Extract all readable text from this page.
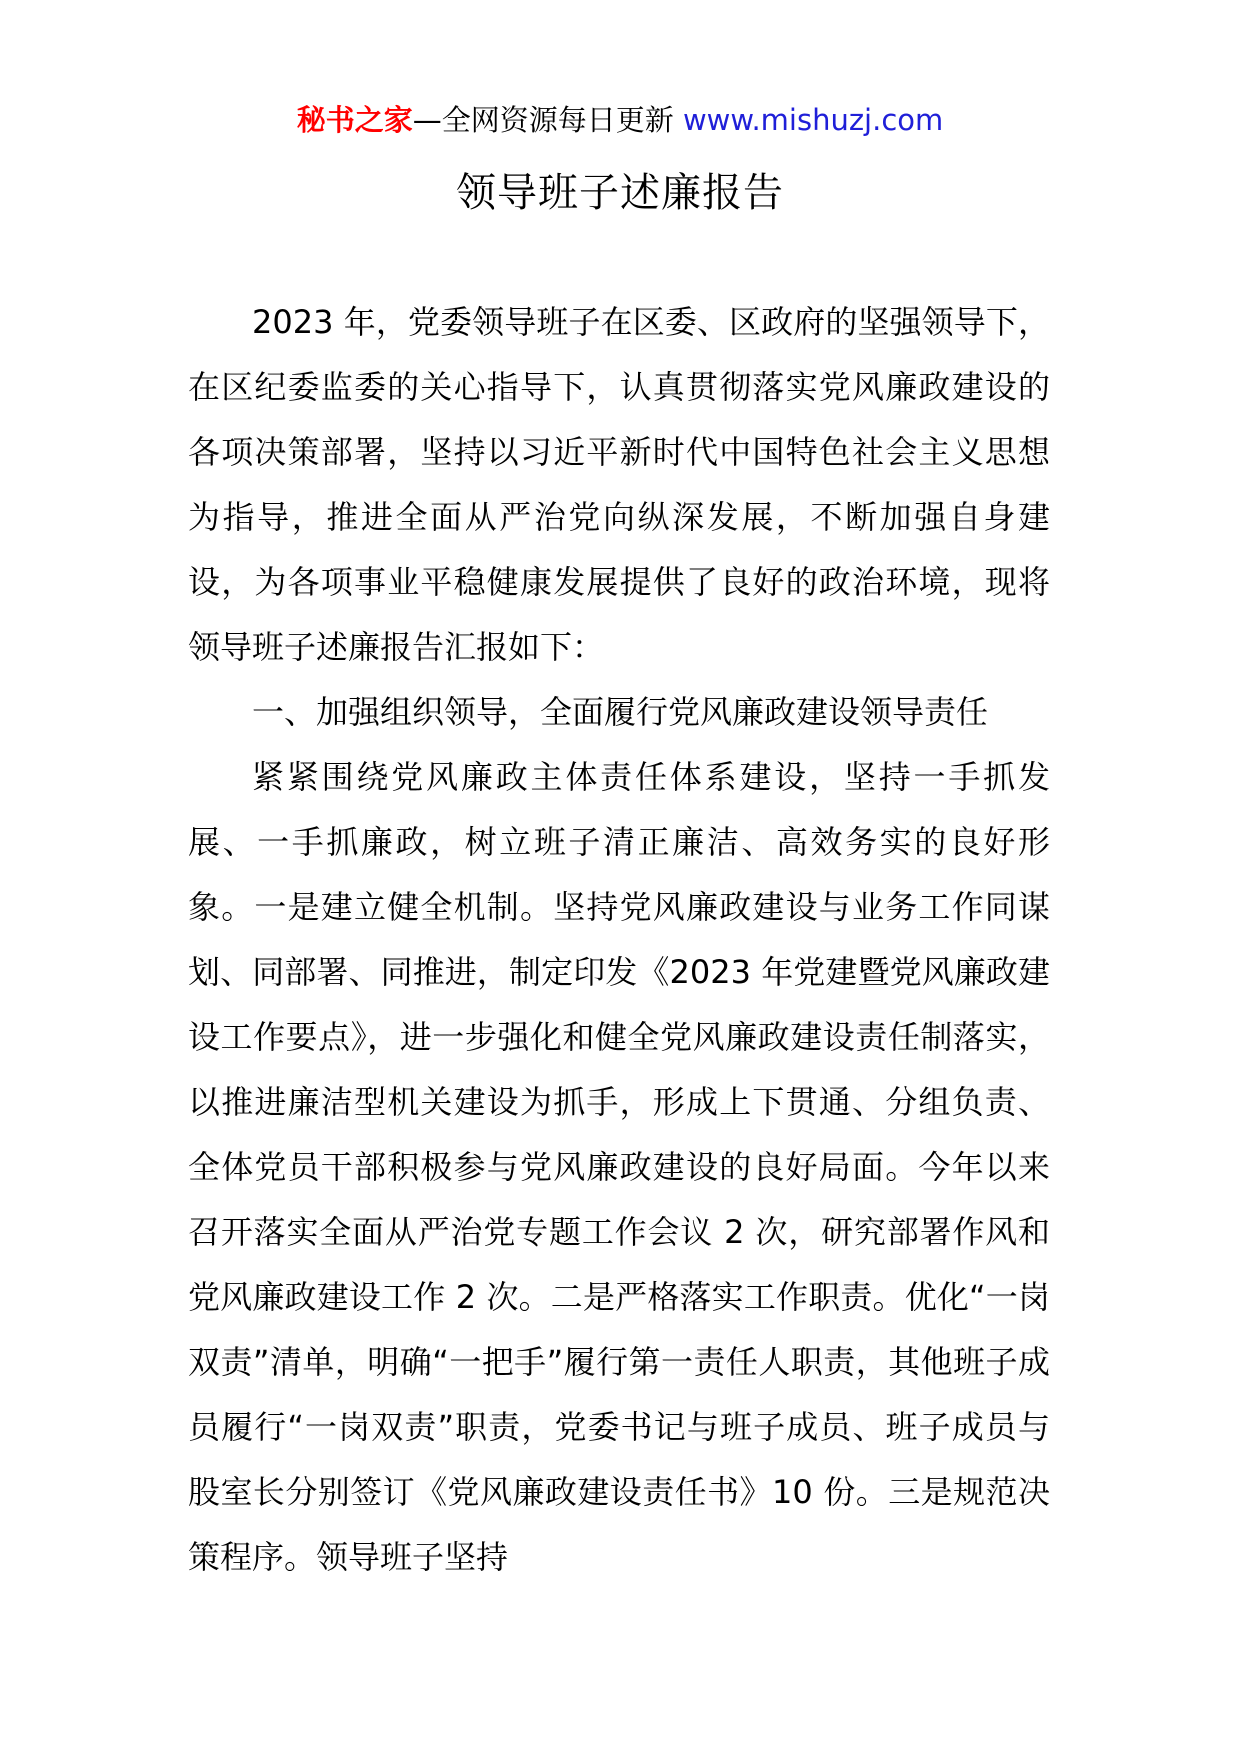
秘书之家—全网资源每日更新 www.mishuzj.com
领导班子述廉报告

2023 年，党委领导班子在区委、区政府的坚强领导下，在区纪委监委的关心指导下，认真贯彻落实党风廉政建设的各项决策部署，坚持以习近平新时代中国特色社会主义思想为指导，推进全面从严治党向纵深发展，不断加强自身建设，为各项事业平稳健康发展提供了良好的政治环境，现将领导班子述廉报告汇报如下：

一、加强组织领导，全面履行党风廉政建设领导责任

紧紧围绕党风廉政主体责任体系建设，坚持一手抓发展、一手抓廉政，树立班子清正廉洁、高效务实的良好形象。一是建立健全机制。坚持党风廉政建设与业务工作同谋划、同部署、同推进，制定印发《2023 年党建暨党风廉政建设工作要点》，进一步强化和健全党风廉政建设责任制落实，以推进廉洁型机关建设为抓手，形成上下贯通、分组负责、全体党员干部积极参与党风廉政建设的良好局面。今年以来召开落实全面从严治党专题工作会议 2 次，研究部署作风和党风廉政建设工作 2 次。二是严格落实工作职责。优化“一岗双责”清单，明确“一把手”履行第一责任人职责，其他班子成员履行“一岗双责”职责，党委书记与班子成员、班子成员与股室长分别签订《党风廉政建设责任书》10 份。三是规范决策程序。领导班子坚持
